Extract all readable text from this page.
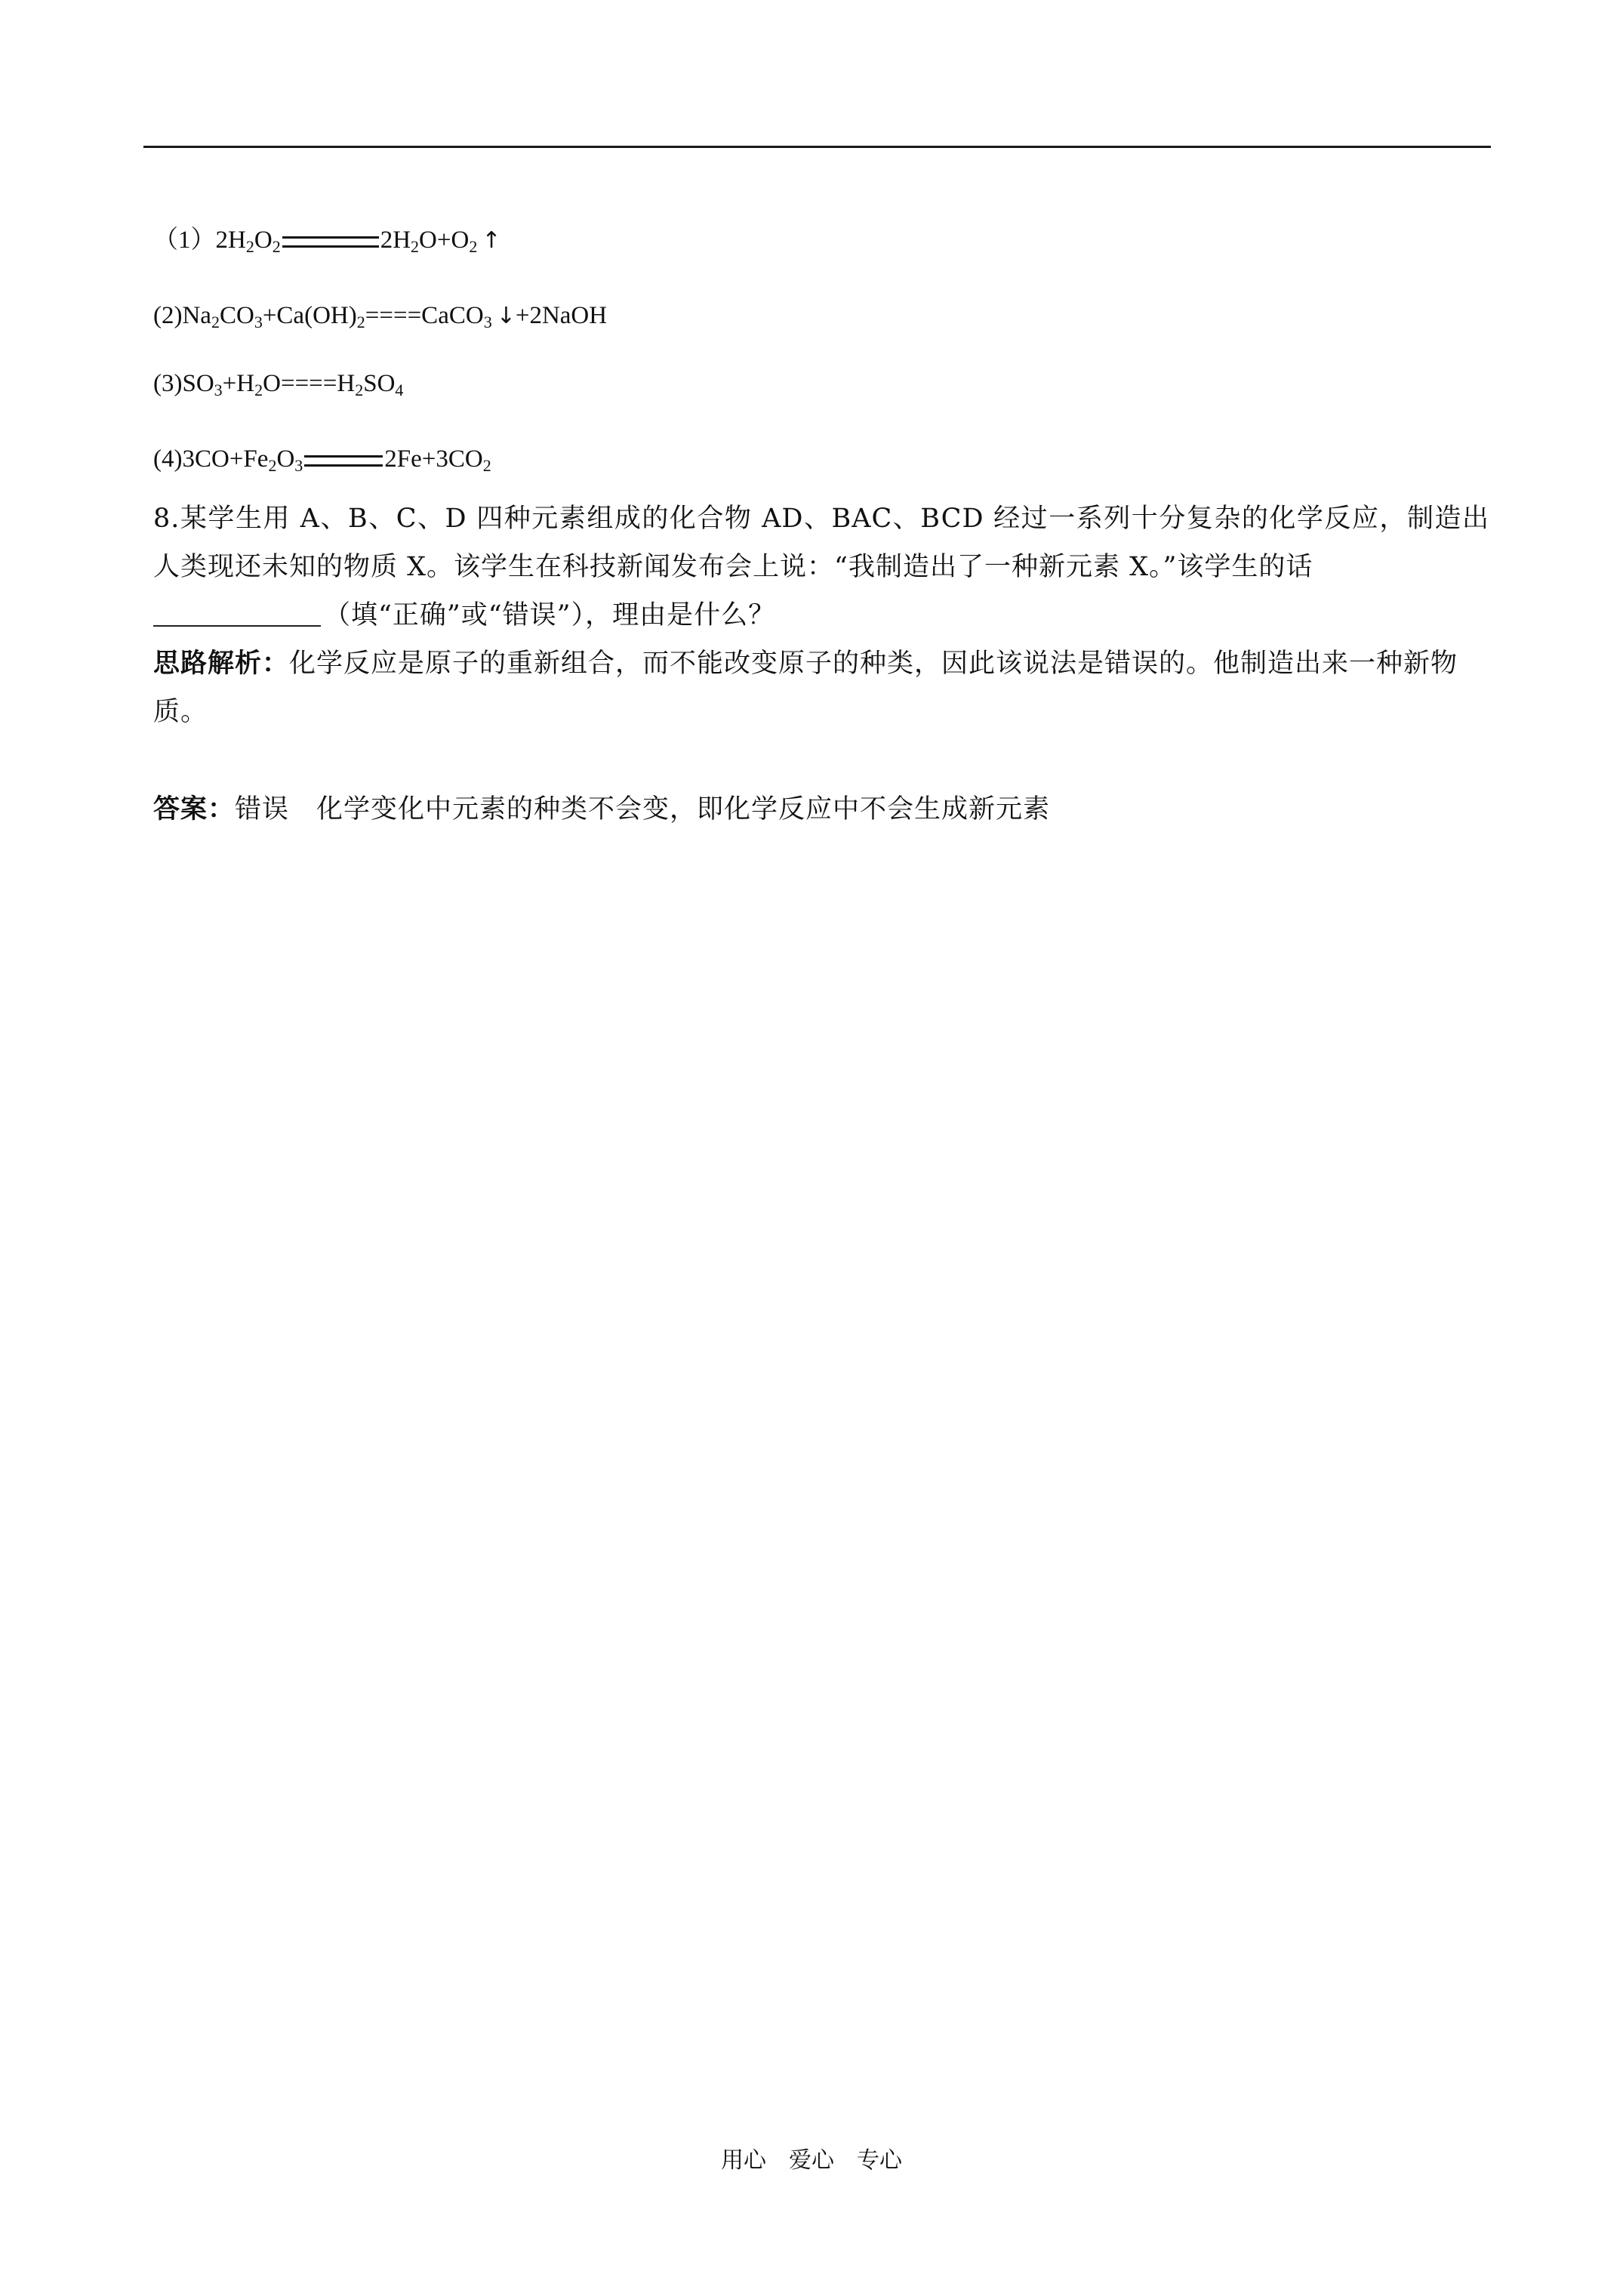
$(1)2H_2O_2$	$2H_2O+O_2$ ↑
$(2)Na_2CO_3+Ca(OH)_2====CaCO_3$ ↓+2NaOH
$(3)SO_3+H_2O====H_2SO_4$
$(4)3CO+Fe_2O_3$	$2Fe+3CO_2$
8.某学生用 A、B、C、D 四种元素组成的化合物 AD、BAC、BCD 经过一系列十分复杂的化学反应，制造出人类现还未知的物质 X。该学生在科技新闻发布会上说：“我制造出了一种新元素 X。”该学生的话
（填“正确”或“错误”），理由是什么？
思路解析：化学反应是原子的重新组合，而不能改变原子的种类，因此该说法是错误的。他制造出来一种新物质。
答案：错误　化学变化中元素的种类不会变，即化学反应中不会生成新元素
用心　爱心　专心
